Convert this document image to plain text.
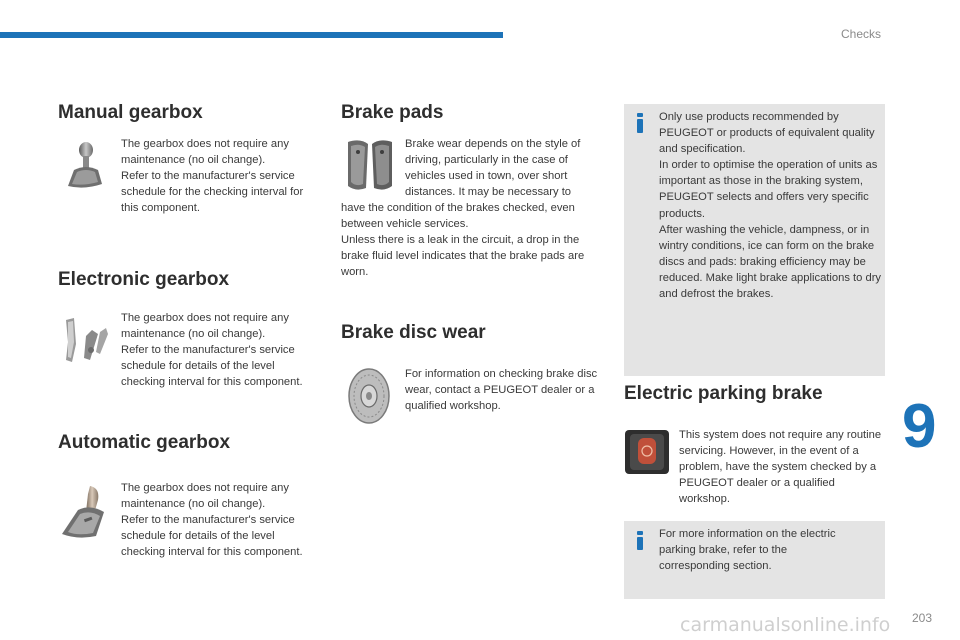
Checks
9
203
carmanualsonline.info
Manual gearbox

The gearbox does not require any maintenance (no oil change).
Refer to the manufacturer's service schedule for the checking interval for this component.

Electronic gearbox

The gearbox does not require any maintenance (no oil change).
Refer to the manufacturer's service schedule for details of the level checking interval for this component.

Automatic gearbox

The gearbox does not require any maintenance (no oil change).
Refer to the manufacturer's service schedule for details of the level checking interval for this component.

Brake pads

Brake wear depends on the style of driving, particularly in the case of vehicles used in town, over short distances. It may be necessary to

have the condition of the brakes checked, even between vehicle services.
Unless there is a leak in the circuit, a drop in the brake fluid level indicates that the brake pads are worn.

Brake disc wear

For information on checking brake disc wear, contact a PEUGEOT dealer or a qualified workshop.

Only use products recommended by PEUGEOT or products of equivalent quality and specification.
In order to optimise the operation of units as important as those in the braking system, PEUGEOT selects and offers very specific products.
After washing the vehicle, dampness, or in wintry conditions, ice can form on the brake discs and pads: braking efficiency may be reduced. Make light brake applications to dry and defrost the brakes.

Electric parking brake

This system does not require any routine servicing. However, in the event of a problem, have the system checked by a PEUGEOT dealer or a qualified workshop.

For more information on the electric parking brake, refer to the corresponding section.
